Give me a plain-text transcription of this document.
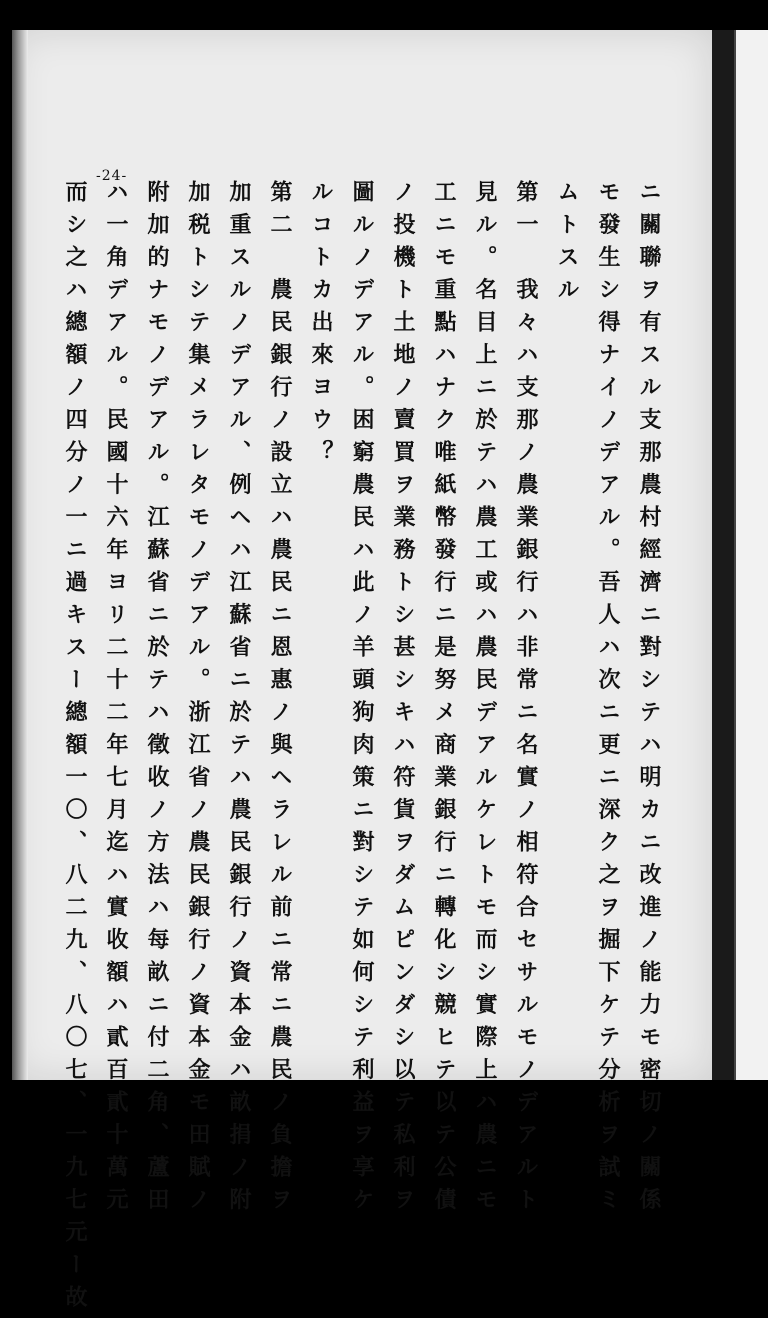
-24-
ニ關聯ヲ有スル支那農村經濟ニ對シテハ明カニ改進ノ能力モ密切ノ關係
モ發生シ得ナイノデアル。吾人ハ次ニ更ニ深ク之ヲ掘下ケテ分析ヲ試ミ
ムトスル
第一　我々ハ支那ノ農業銀行ハ非常ニ名實ノ相符合セサルモノデアルト
見ル。名目上ニ於テハ農工或ハ農民デアルケレトモ而シ實際上ハ農ニモ
工ニモ重點ハナク唯紙幣發行ニ是努メ商業銀行ニ轉化シ競ヒテ以テ公債
ノ投機ト土地ノ賣買ヲ業務トシ甚シキハ符貨ヲダムピンダシ以テ私利ヲ
圖ルノデアル。困窮農民ハ此ノ羊頭狗肉策ニ對シテ如何シテ利益ヲ享ケ
ルコトカ出來ヨウ？
第二　農民銀行ノ設立ハ農民ニ恩惠ノ與ヘラレル前ニ常ニ農民ノ負擔ヲ
加重スルノデアル、例ヘハ江蘇省ニ於テハ農民銀行ノ資本金ハ畝捐ノ附
加税トシテ集メラレタモノデアル。浙江省ノ農民銀行ノ資本金モ田賦ノ
附加的ナモノデアル。江蘇省ニ於テハ徵收ノ方法ハ每畝ニ付二角、蘆田
ハ一角デアル。民國十六年ヨリ二十二年七月迄ハ實收額ハ貳百貳十萬元
而シ之ハ總額ノ四分ノ一ニ過キスー總額一〇、八二九、八〇七、一九七元ー故
